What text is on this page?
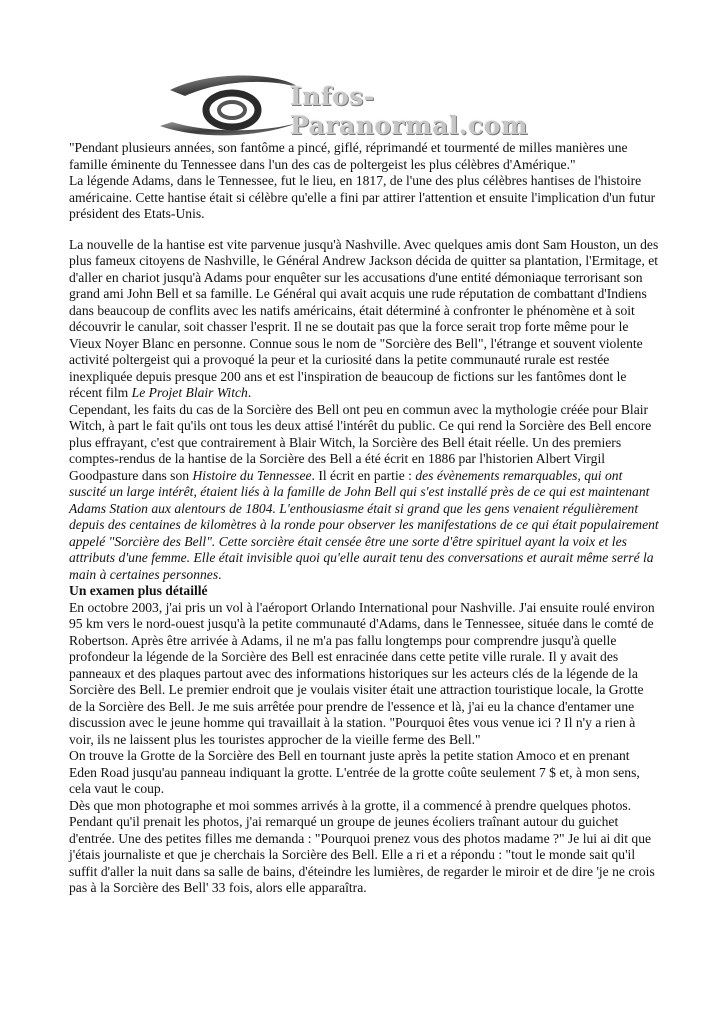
Infos-Paranormal.com

"Pendant plusieurs années, son fantôme a pincé, giflé, réprimandé et tourmenté de milles manières une famille éminente du Tennessee dans l'un des cas de poltergeist les plus célèbres d'Amérique."

La légende Adams, dans le Tennessee, fut le lieu, en 1817, de l'une des plus célèbres hantises de l'histoire américaine. Cette hantise était si célèbre qu'elle a fini par attirer l'attention et ensuite l'implication d'un futur président des Etats-Unis.

La nouvelle de la hantise est vite parvenue jusqu'à Nashville. Avec quelques amis dont Sam Houston, un des plus fameux citoyens de Nashville, le Général Andrew Jackson décida de quitter sa plantation, l'Ermitage, et d'aller en chariot jusqu'à Adams pour enquêter sur les accusations d'une entité démoniaque terrorisant son grand ami John Bell et sa famille. Le Général qui avait acquis une rude réputation de combattant d'Indiens dans beaucoup de conflits avec les natifs américains, était déterminé à confronter le phénomène et à soit découvrir le canular, soit chasser l'esprit. Il ne se doutait pas que la force serait trop forte même pour le Vieux Noyer Blanc en personne. Connue sous le nom de "Sorcière des Bell", l'étrange et souvent violente activité poltergeist qui a provoqué la peur et la curiosité dans la petite communauté rurale est restée inexpliquée depuis presque 200 ans et est l'inspiration de beaucoup de fictions sur les fantômes dont le récent film Le Projet Blair Witch.

Cependant, les faits du cas de la Sorcière des Bell ont peu en commun avec la mythologie créée pour Blair Witch, à part le fait qu'ils ont tous les deux attisé l'intérêt du public. Ce qui rend la Sorcière des Bell encore plus effrayant, c'est que contrairement à Blair Witch, la Sorcière des Bell était réelle. Un des premiers comptes-rendus de la hantise de la Sorcière des Bell a été écrit en 1886 par l'historien Albert Virgil Goodpasture dans son Histoire du Tennessee. Il écrit en partie : des évènements remarquables, qui ont suscité un large intérêt, étaient liés à la famille de John Bell qui s'est installé près de ce qui est maintenant Adams Station aux alentours de 1804. L'enthousiasme était si grand que les gens venaient régulièrement depuis des centaines de kilomètres à la ronde pour observer les manifestations de ce qui était populairement appelé "Sorcière des Bell". Cette sorcière était censée être une sorte d'être spirituel ayant la voix et les attributs d'une femme. Elle était invisible quoi qu'elle aurait tenu des conversations et aurait même serré la main à certaines personnes.

Un examen plus détaillé

En octobre 2003, j'ai pris un vol à l'aéroport Orlando International pour Nashville. J'ai ensuite roulé environ 95 km vers le nord-ouest jusqu'à la petite communauté d'Adams, dans le Tennessee, située dans le comté de Robertson. Après être arrivée à Adams, il ne m'a pas fallu longtemps pour comprendre jusqu'à quelle profondeur la légende de la Sorcière des Bell est enracinée dans cette petite ville rurale. Il y avait des panneaux et des plaques partout avec des informations historiques sur les acteurs clés de la légende de la Sorcière des Bell. Le premier endroit que je voulais visiter était une attraction touristique locale, la Grotte de la Sorcière des Bell. Je me suis arrêtée pour prendre de l'essence et là, j'ai eu la chance d'entamer une discussion avec le jeune homme qui travaillait à la station. "Pourquoi êtes vous venue ici ? Il n'y a rien à voir, ils ne laissent plus les touristes approcher de la vieille ferme des Bell."

On trouve la Grotte de la Sorcière des Bell en tournant juste après la petite station Amoco et en prenant Eden Road jusqu'au panneau indiquant la grotte. L'entrée de la grotte coûte seulement 7 $ et, à mon sens, cela vaut le coup.

Dès que mon photographe et moi sommes arrivés à la grotte, il a commencé à prendre quelques photos. Pendant qu'il prenait les photos, j'ai remarqué un groupe de jeunes écoliers traînant autour du guichet d'entrée. Une des petites filles me demanda : "Pourquoi prenez vous des photos madame ?" Je lui ai dit que j'étais journaliste et que je cherchais la Sorcière des Bell. Elle a ri et a répondu : "tout le monde sait qu'il suffit d'aller la nuit dans sa salle de bains, d'éteindre les lumières, de regarder le miroir et de dire 'je ne crois pas à la Sorcière des Bell' 33 fois, alors elle apparaîtra.
